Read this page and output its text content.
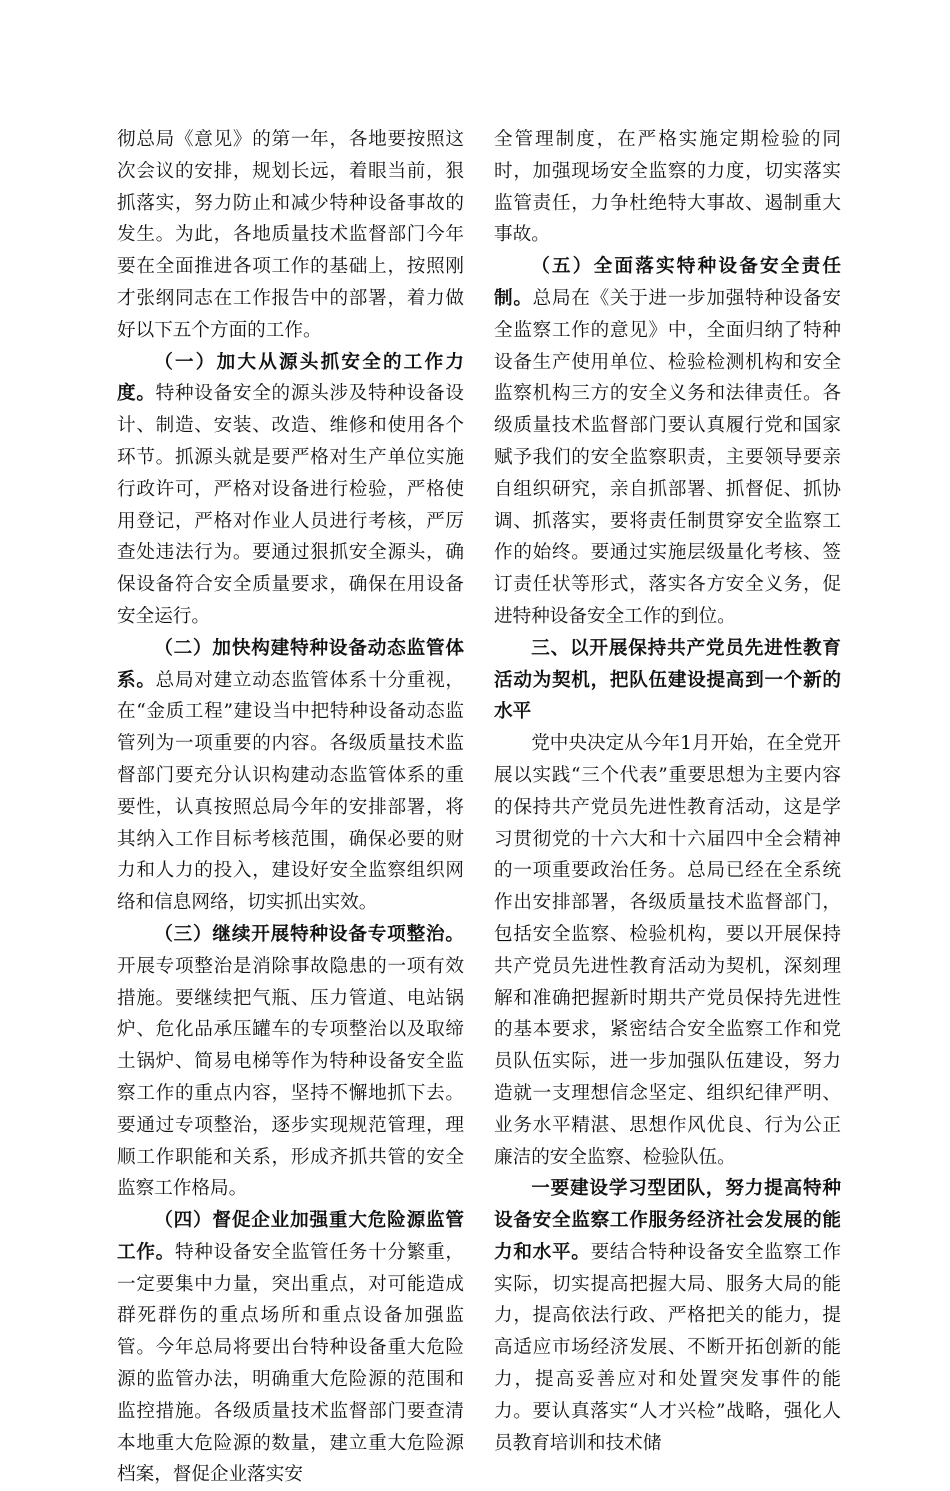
彻总局《意见》的第一年，各地要按照这次会议的安排，规划长远，着眼当前，狠抓落实，努力防止和减少特种设备事故的发生。为此，各地质量技术监督部门今年要在全面推进各项工作的基础上，按照刚才张纲同志在工作报告中的部署，着力做好以下五个方面的工作。

（一）加大从源头抓安全的工作力度。特种设备安全的源头涉及特种设备设计、制造、安装、改造、维修和使用各个环节。抓源头就是要严格对生产单位实施行政许可，严格对设备进行检验，严格使用登记，严格对作业人员进行考核，严厉查处违法行为。要通过狠抓安全源头，确保设备符合安全质量要求，确保在用设备安全运行。

（二）加快构建特种设备动态监管体系。总局对建立动态监管体系十分重视，在“金质工程”建设当中把特种设备动态监管列为一项重要的内容。各级质量技术监督部门要充分认识构建动态监管体系的重要性，认真按照总局今年的安排部署，将其纳入工作目标考核范围，确保必要的财力和人力的投入，建设好安全监察组织网络和信息网络，切实抓出实效。

（三）继续开展特种设备专项整治。开展专项整治是消除事故隐患的一项有效措施。要继续把气瓶、压力管道、电站锅炉、危化品承压罐车的专项整治以及取缔土锅炉、简易电梯等作为特种设备安全监察工作的重点内容，坚持不懈地抓下去。要通过专项整治，逐步实现规范管理，理顺工作职能和关系，形成齐抓共管的安全监察工作格局。

（四）督促企业加强重大危险源监管工作。特种设备安全监管任务十分繁重，一定要集中力量，突出重点，对可能造成群死群伤的重点场所和重点设备加强监管。今年总局将要出台特种设备重大危险源的监管办法，明确重大危险源的范围和监控措施。各级质量技术监督部门要查清本地重大危险源的数量，建立重大危险源档案，督促企业落实安

全管理制度，在严格实施定期检验的同时，加强现场安全监察的力度，切实落实监管责任，力争杜绝特大事故、遏制重大事故。

（五）全面落实特种设备安全责任制。总局在《关于进一步加强特种设备安全监察工作的意见》中，全面归纳了特种设备生产使用单位、检验检测机构和安全监察机构三方的安全义务和法律责任。各级质量技术监督部门要认真履行党和国家赋予我们的安全监察职责，主要领导要亲自组织研究，亲自抓部署、抓督促、抓协调、抓落实，要将责任制贯穿安全监察工作的始终。要通过实施层级量化考核、签订责任状等形式，落实各方安全义务，促进特种设备安全工作的到位。

三、以开展保持共产党员先进性教育活动为契机，把队伍建设提高到一个新的水平

党中央决定从今年1月开始，在全党开展以实践“三个代表”重要思想为主要内容的保持共产党员先进性教育活动，这是学习贯彻党的十六大和十六届四中全会精神的一项重要政治任务。总局已经在全系统作出安排部署，各级质量技术监督部门，包括安全监察、检验机构，要以开展保持共产党员先进性教育活动为契机，深刻理解和准确把握新时期共产党员保持先进性的基本要求，紧密结合安全监察工作和党员队伍实际，进一步加强队伍建设，努力造就一支理想信念坚定、组织纪律严明、业务水平精湛、思想作风优良、行为公正廉洁的安全监察、检验队伍。

一要建设学习型团队，努力提高特种设备安全监察工作服务经济社会发展的能力和水平。要结合特种设备安全监察工作实际，切实提高把握大局、服务大局的能力，提高依法行政、严格把关的能力，提高适应市场经济发展、不断开拓创新的能力，提高妥善应对和处置突发事件的能力。要认真落实“人才兴检”战略，强化人员教育培训和技术储
